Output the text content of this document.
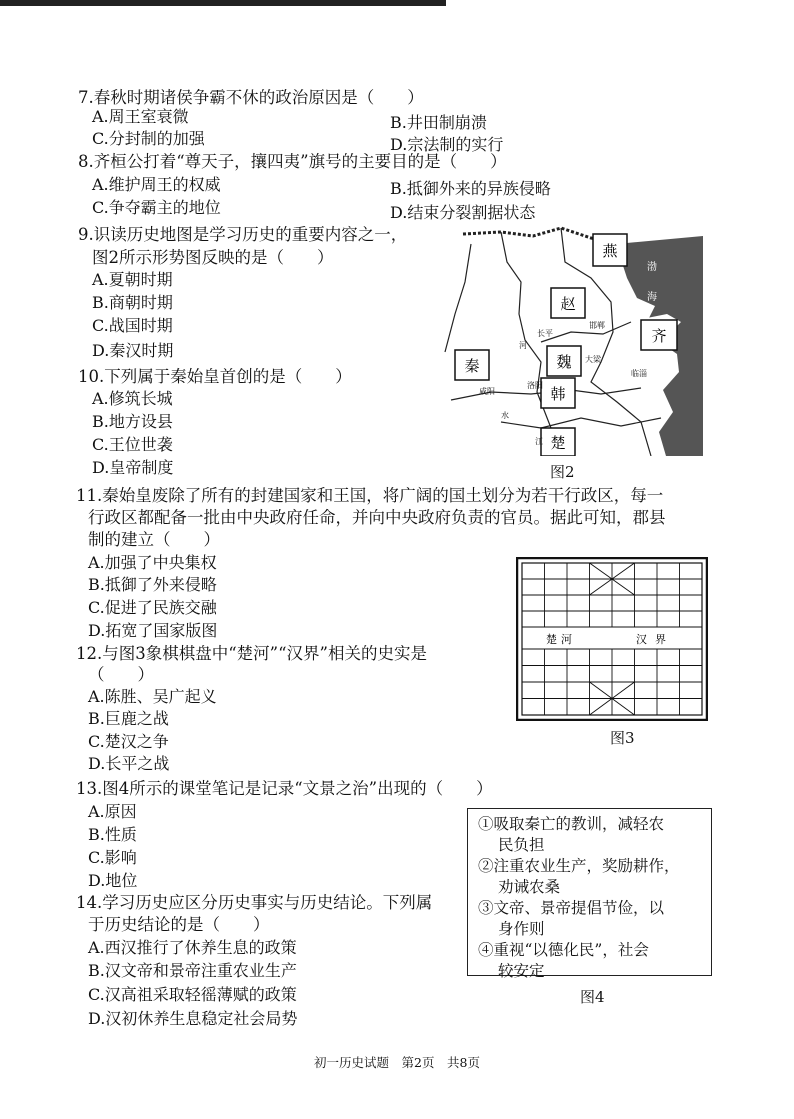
7.春秋时期诸侯争霸不休的政治原因是（　　）
A.周王室衰微	B.井田制崩溃
C.分封制的加强	D.宗法制的实行
8.齐桓公打着“尊天子，攘四夷”旗号的主要目的是（　　）
A.维护周王的权威	B.抵御外来的异族侵略
C.争夺霸主的地位	D.结束分裂割据状态
9.识读历史地图是学习历史的重要内容之一，
图2所示形势图反映的是（　　）
A.夏朝时期
B.商朝时期
C.战国时期
D.秦汉时期
10.下列属于秦始皇首创的是（　　）
A.修筑长城
B.地方设县
C.王位世袭
D.皇帝制度
燕
赵
齐
秦	魏
韩
楚
邯郸
长平
咸阳
洛阳
大梁
临淄
渤
海
河
江
水
图2
11.秦始皇废除了所有的封建国家和王国，将广阔的国土划分为若干行政区，每一
行政区都配备一批由中央政府任命，并向中央政府负责的官员。据此可知，郡县
制的建立（　　）
A.加强了中央集权
B.抵御了外来侵略
C.促进了民族交融
D.拓宽了国家版图	楚河	汉界
图3
12.与图3象棋棋盘中“楚河”“汉界”相关的史实是
（　　）
A.陈胜、吴广起义
B.巨鹿之战
C.楚汉之争
D.长平之战
13.图4所示的课堂笔记是记录“文景之治”出现的（　　）
A.原因
B.性质
C.影响
D.地位
①吸取秦亡的教训，减轻农
民负担
②注重农业生产，奖励耕作，
劝诫农桑
③文帝、景帝提倡节俭，以
身作则
④重视“以德化民”，社会
较安定
图4
14.学习历史应区分历史事实与历史结论。下列属
于历史结论的是（　　）
A.西汉推行了休养生息的政策
B.汉文帝和景帝注重农业生产
C.汉高祖采取轻徭薄赋的政策
D.汉初休养生息稳定社会局势
初一历史试题　第2页　共8页
